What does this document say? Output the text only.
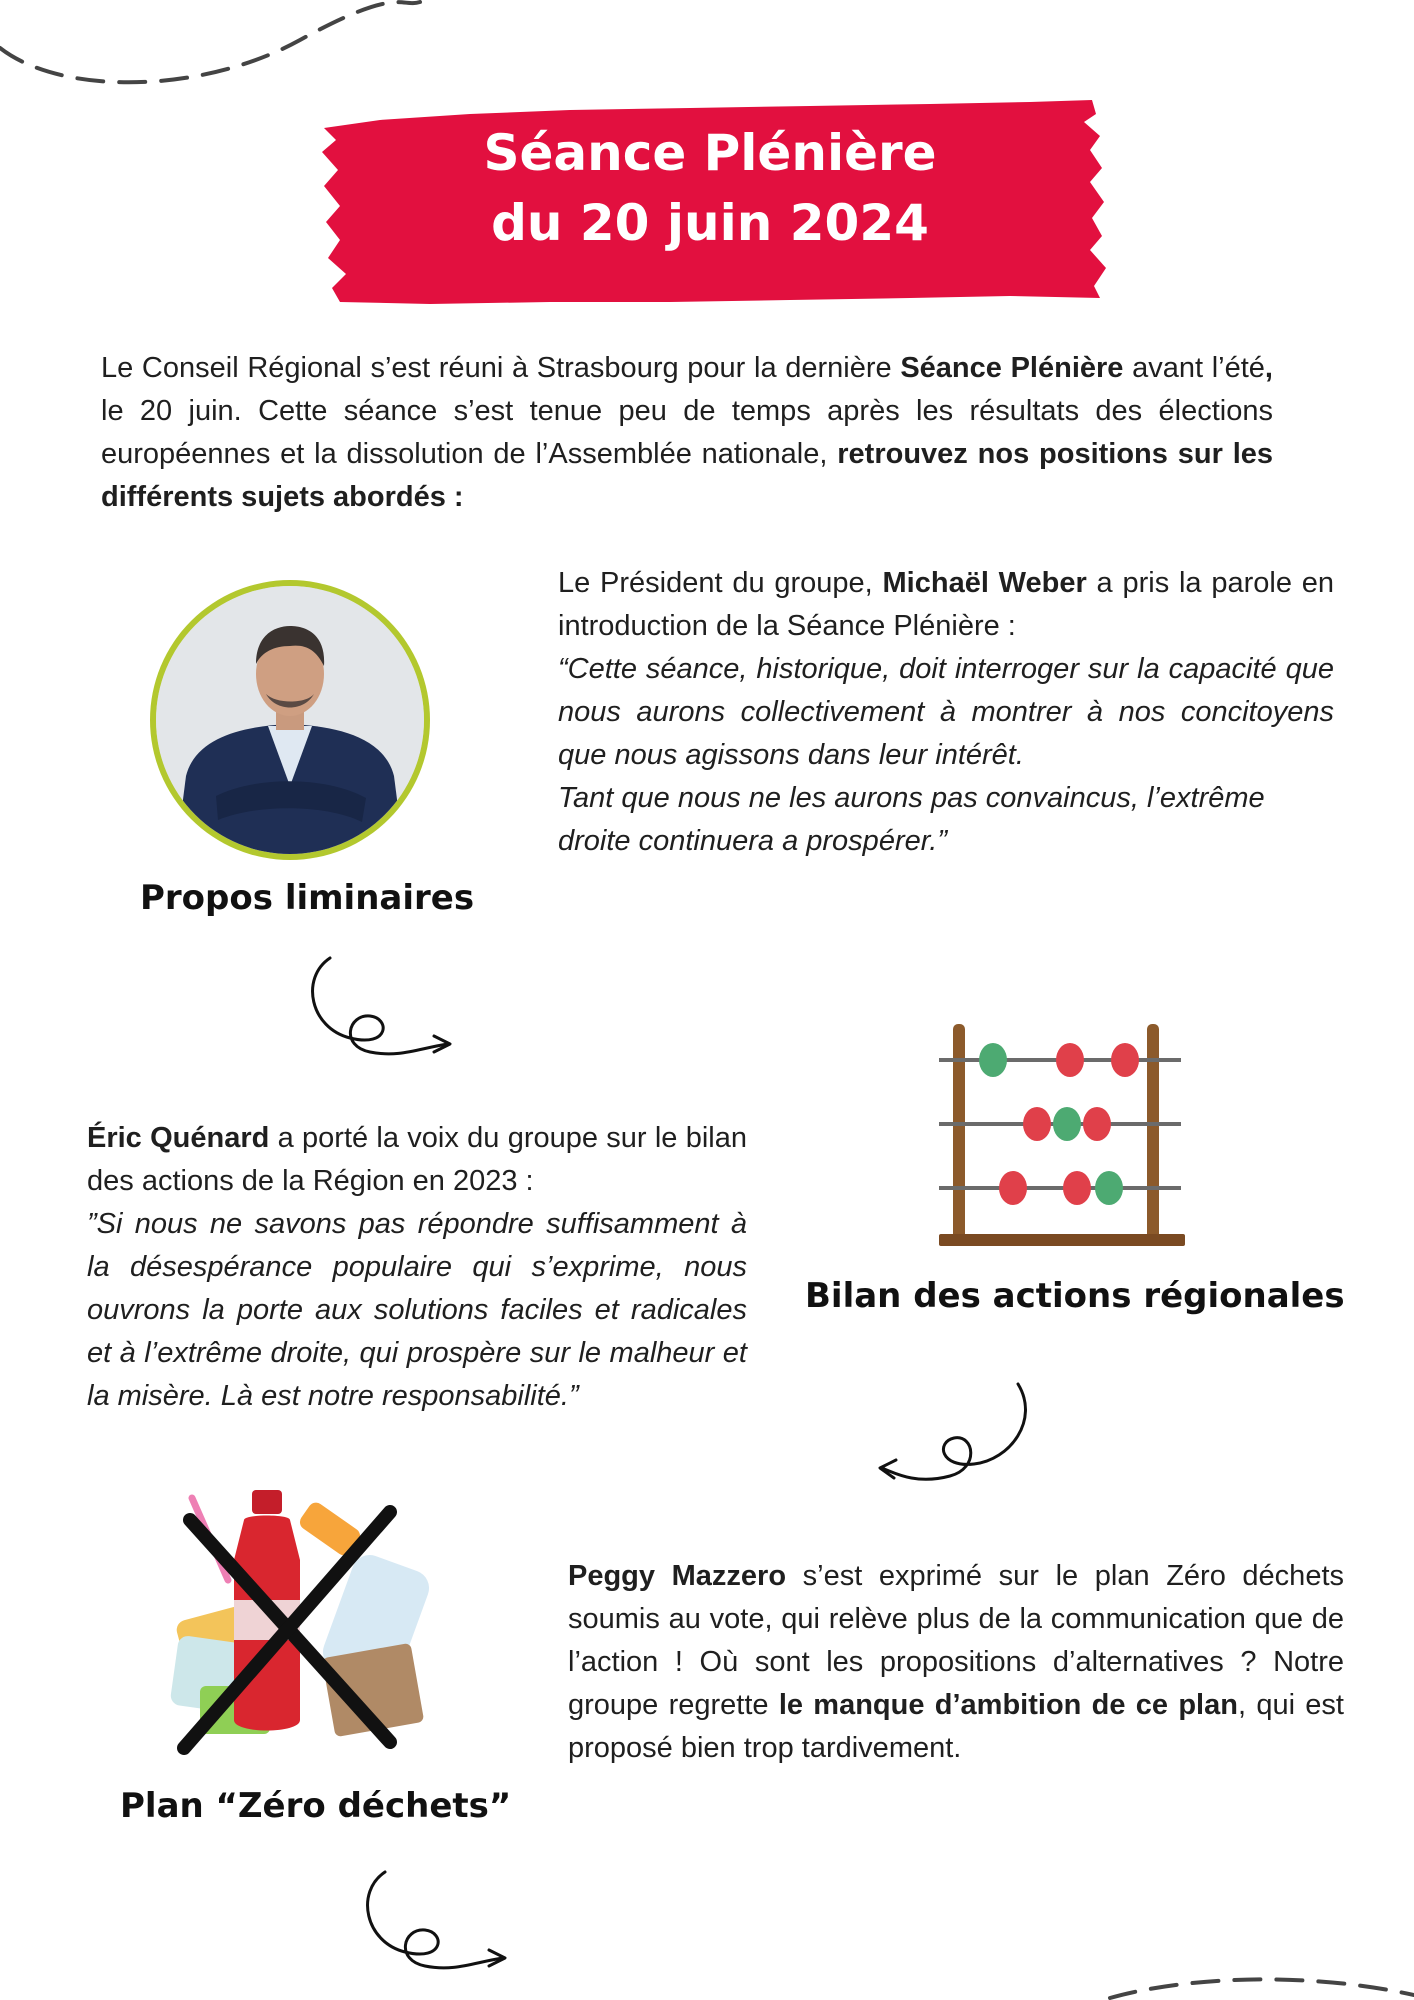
Séance Plénière
du 20 juin 2024

Le Conseil Régional s’est réuni à Strasbourg pour la dernière Séance Plénière avant l’été, le 20 juin. Cette séance s’est tenue peu de temps après les résultats des élections européennes et la dissolution de l’Assemblée nationale, retrouvez nos positions sur les différents sujets abordés :

Propos liminaires

Le Président du groupe, Michaël Weber a pris la parole en introduction de la Séance Plénière :
“Cette séance, historique, doit interroger sur la capacité que nous aurons collectivement à montrer à nos concitoyens que nous agissons dans leur intérêt.
Tant que nous ne les aurons pas convaincus, l’extrême droite continuera a prospérer.”

Éric Quénard a porté la voix du groupe sur le bilan des actions de la Région en 2023 :
”Si nous ne savons pas répondre suffisamment à la désespérance populaire qui s’exprime, nous ouvrons la porte aux solutions faciles et radicales et à l’extrême droite, qui prospère sur le malheur et la misère. Là est notre responsabilité.”

Bilan des actions régionales
Plan “Zéro déchets”

Peggy Mazzero s’est exprimé sur le plan Zéro déchets soumis au vote, qui relève plus de la communication que de l’action ! Où sont les propositions d’alternatives ? Notre groupe regrette le manque d’ambition de ce plan, qui est proposé bien trop tardivement.
